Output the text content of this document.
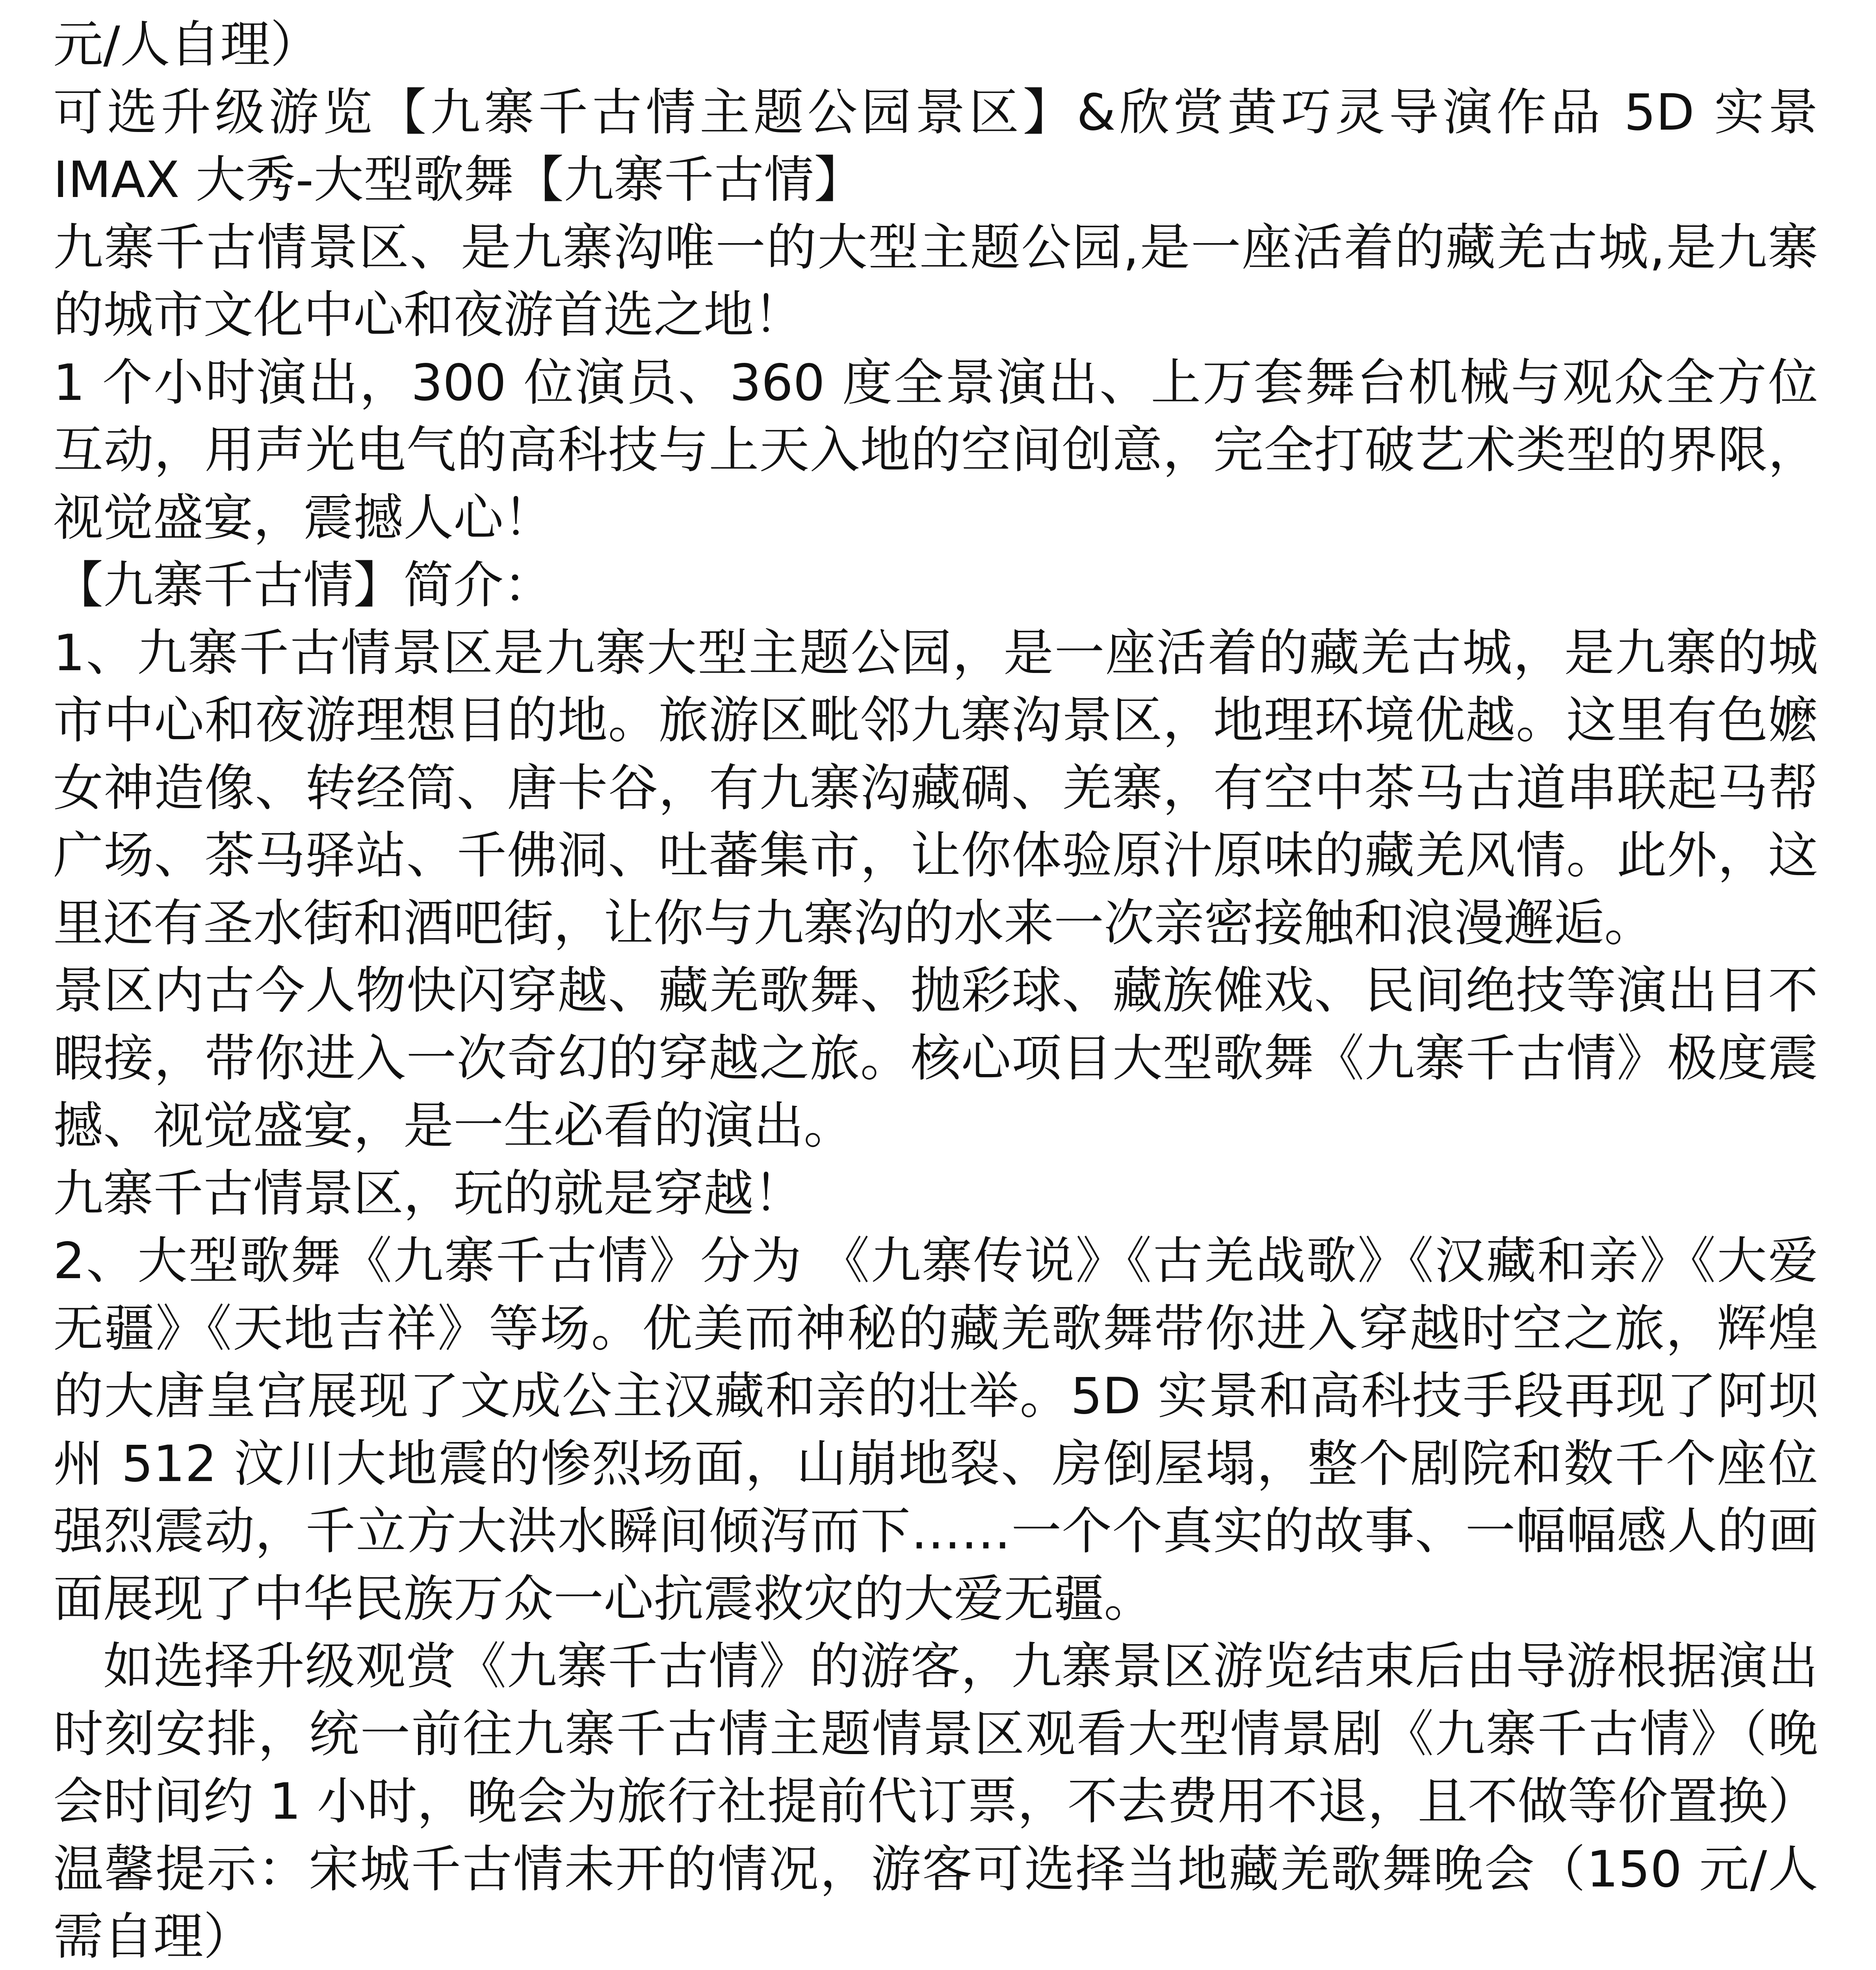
元/人自理）

可选升级游览【九寨千古情主题公园景区】&欣赏黄巧灵导演作品 5D 实景 IMAX 大秀-大型歌舞【九寨千古情】

九寨千古情景区、是九寨沟唯一的大型主题公园,是一座活着的藏羌古城,是九寨的城市文化中心和夜游首选之地！

1 个小时演出，300 位演员、360 度全景演出、上万套舞台机械与观众全方位互动，用声光电气的高科技与上天入地的空间创意，完全打破艺术类型的界限，视觉盛宴，震撼人心！

【九寨千古情】简介：

1、九寨千古情景区是九寨大型主题公园，是一座活着的藏羌古城，是九寨的城市中心和夜游理想目的地。旅游区毗邻九寨沟景区，地理环境优越。这里有色嬷女神造像、转经筒、唐卡谷，有九寨沟藏碉、羌寨，有空中茶马古道串联起马帮广场、茶马驿站、千佛洞、吐蕃集市，让你体验原汁原味的藏羌风情。此外，这里还有圣水街和酒吧街，让你与九寨沟的水来一次亲密接触和浪漫邂逅。

景区内古今人物快闪穿越、藏羌歌舞、抛彩球、藏族傩戏、民间绝技等演出目不暇接，带你进入一次奇幻的穿越之旅。核心项目大型歌舞《九寨千古情》极度震撼、视觉盛宴，是一生必看的演出。

九寨千古情景区，玩的就是穿越！

2、大型歌舞《九寨千古情》分为 《九寨传说》《古羌战歌》《汉藏和亲》《大爱无疆》《天地吉祥》等场。优美而神秘的藏羌歌舞带你进入穿越时空之旅，辉煌的大唐皇宫展现了文成公主汉藏和亲的壮举。5D 实景和高科技手段再现了阿坝州 512 汶川大地震的惨烈场面，山崩地裂、房倒屋塌，整个剧院和数千个座位强烈震动，千立方大洪水瞬间倾泻而下……一个个真实的故事、一幅幅感人的画面展现了中华民族万众一心抗震救灾的大爱无疆。

如选择升级观赏《九寨千古情》的游客，九寨景区游览结束后由导游根据演出时刻安排，统一前往九寨千古情主题情景区观看大型情景剧《九寨千古情》（晚会时间约 1 小时，晚会为旅行社提前代订票，不去费用不退，且不做等价置换）

温馨提示：宋城千古情未开的情况，游客可选择当地藏羌歌舞晚会（150 元/人　需自理）
